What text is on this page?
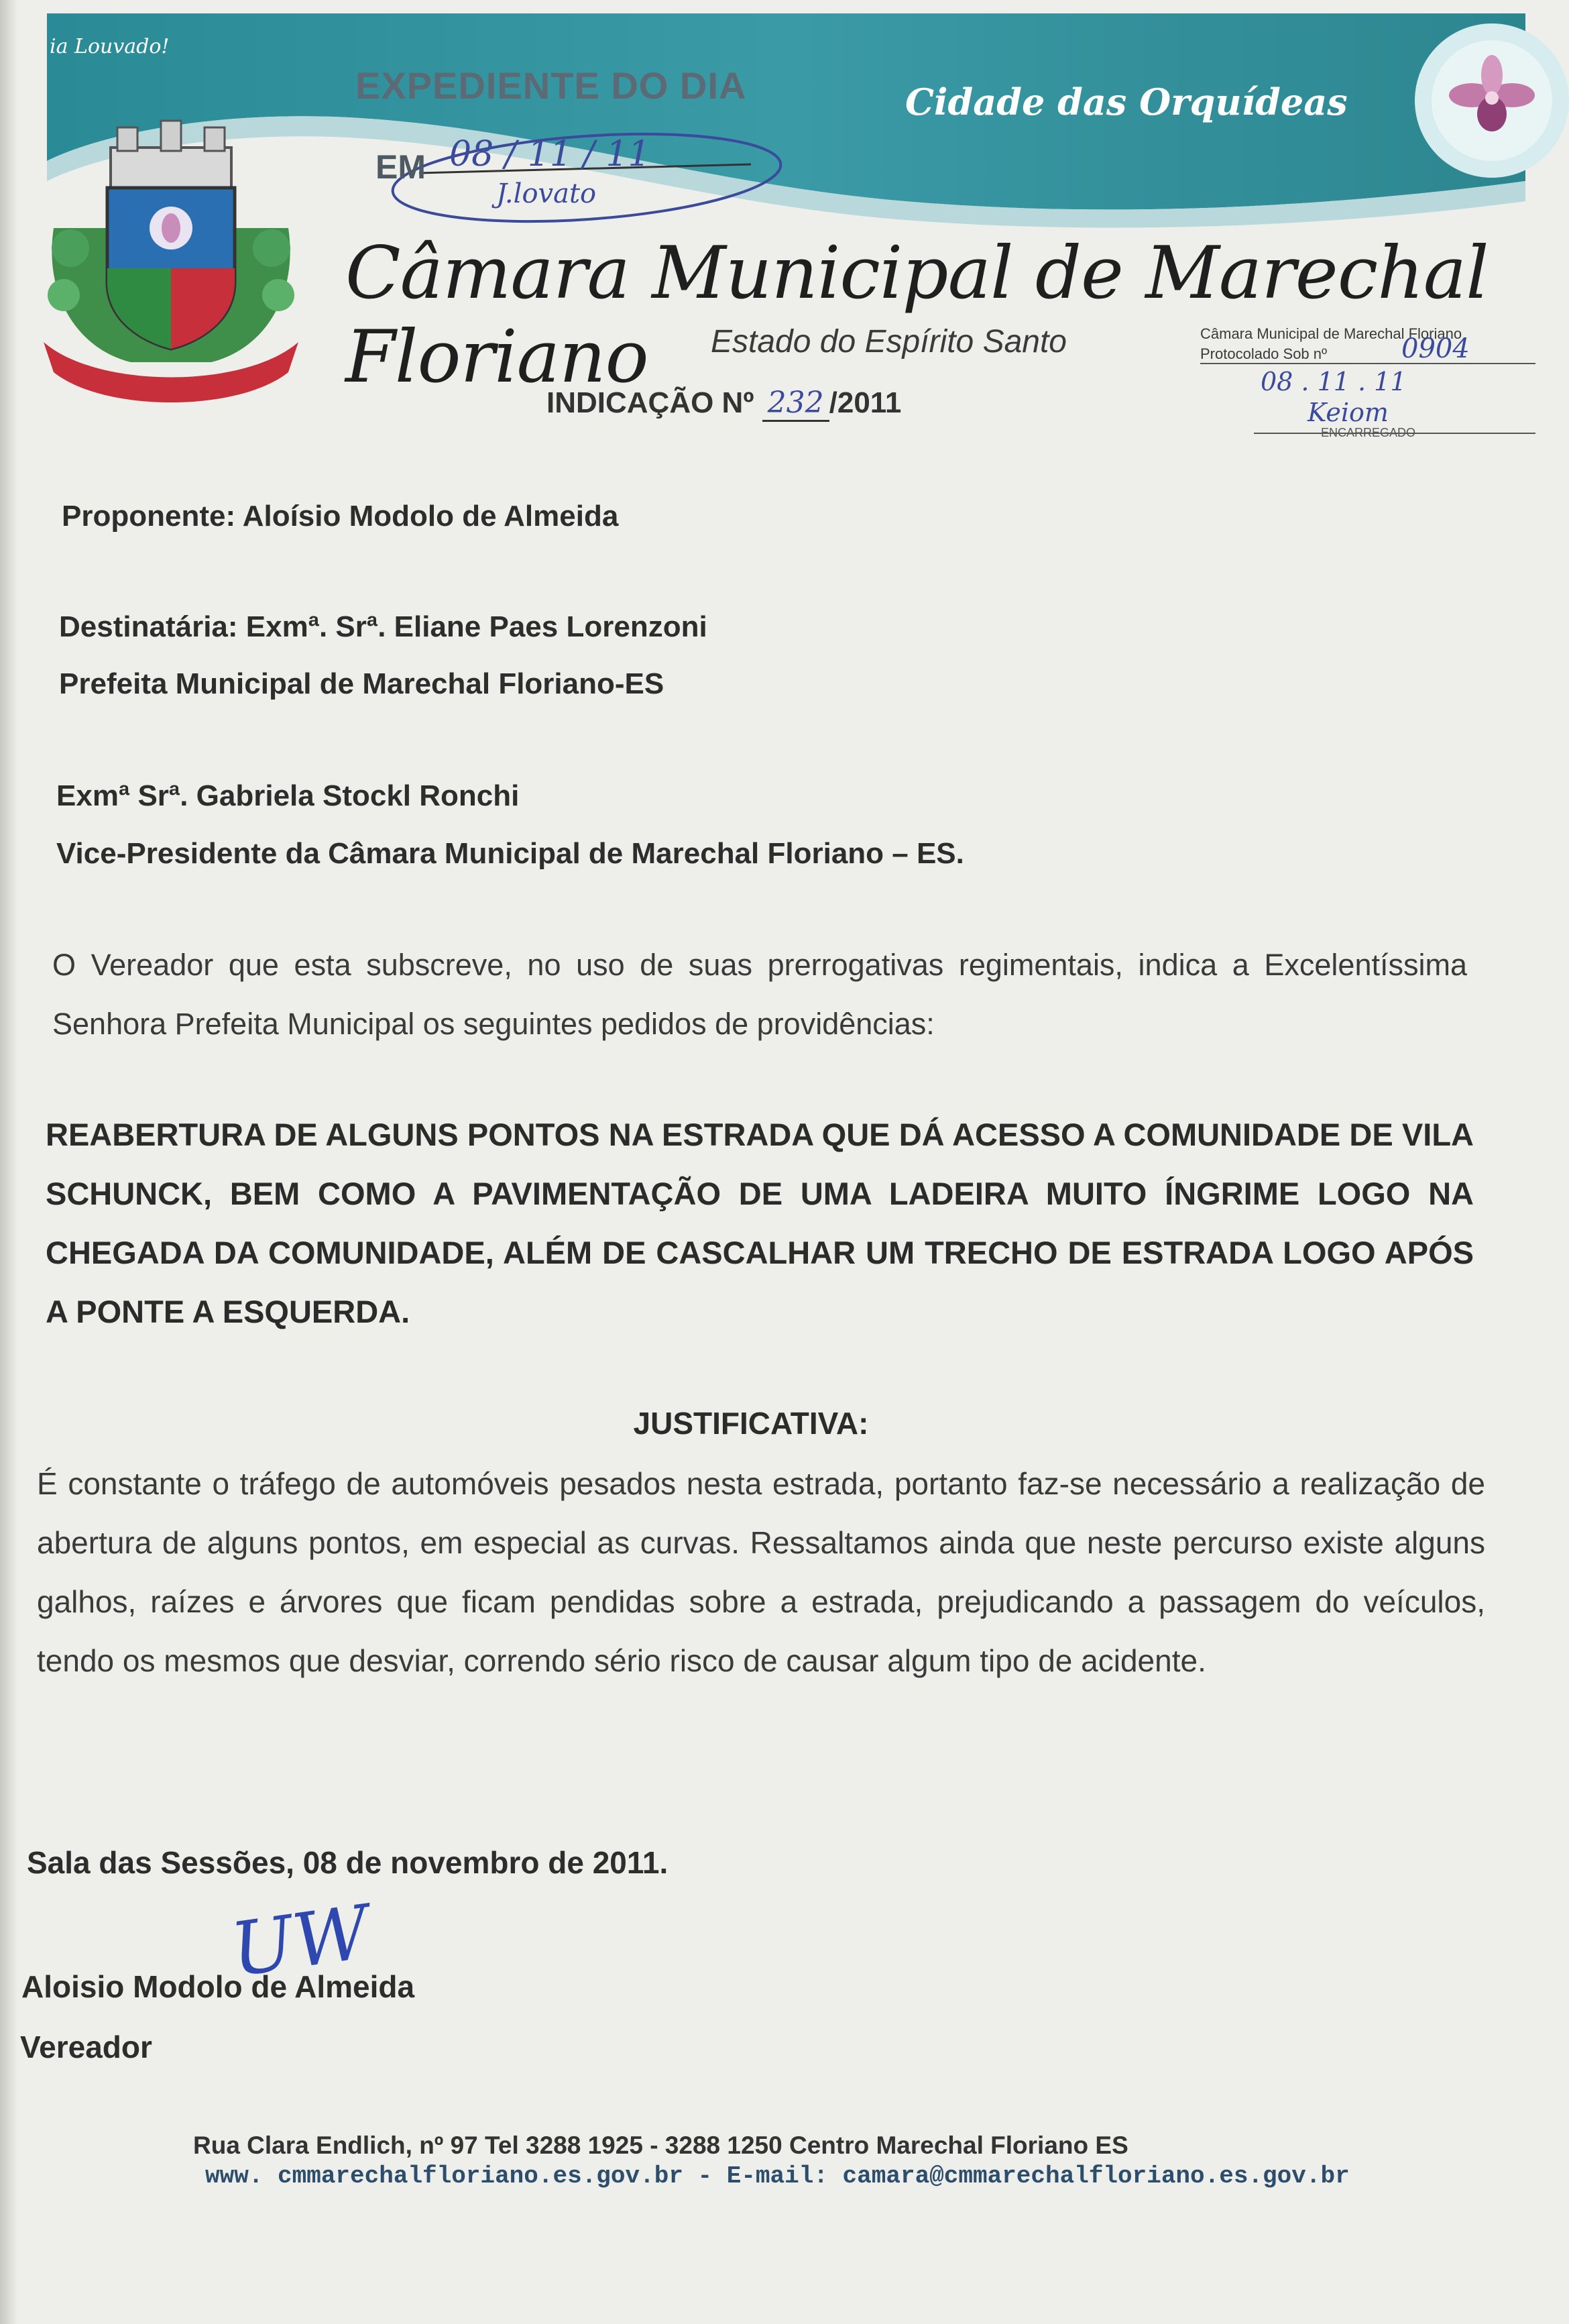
ia Louvado!
EXPEDIENTE DO DIA
EM 08 / 11 / 11
J.lovato
Cidade das Orquídeas
Câmara Municipal de Marechal Floriano	Estado do Espírito Santo
INDICAÇÃO Nº 232 /2011
Câmara Municipal de Marechal Floriano
Protocolado Sob nº	0904
08 . 11 . 11
Keiom
ENCARREGADO
Proponente: Aloísio Modolo de Almeida
Destinatária: Exmª. Srª. Eliane Paes Lorenzoni
Prefeita Municipal de Marechal Floriano-ES
Exmª Srª. Gabriela Stockl Ronchi
Vice-Presidente da Câmara Municipal de Marechal Floriano – ES.
O Vereador que esta subscreve, no uso de suas prerrogativas regimentais, indica a Excelentíssima Senhora Prefeita Municipal os seguintes pedidos de providências:
REABERTURA DE ALGUNS PONTOS NA ESTRADA QUE DÁ ACESSO A COMUNIDADE DE VILA SCHUNCK, BEM COMO A PAVIMENTAÇÃO DE UMA LADEIRA MUITO ÍNGRIME LOGO NA CHEGADA DA COMUNIDADE, ALÉM DE CASCALHAR UM TRECHO DE ESTRADA LOGO APÓS A PONTE A ESQUERDA.
JUSTIFICATIVA:
É constante o tráfego de automóveis pesados nesta estrada, portanto faz-se necessário a realização de abertura de alguns pontos, em especial as curvas. Ressaltamos ainda que neste percurso existe alguns galhos, raízes e árvores que ficam pendidas sobre a estrada, prejudicando a passagem do veículos, tendo os mesmos que desviar, correndo sério risco de causar algum tipo de acidente.
Sala das Sessões, 08 de novembro de 2011.
UW
Aloisio Modolo de Almeida
Vereador
Rua Clara Endlich, nº 97 Tel 3288 1925 - 3288 1250 Centro Marechal Floriano ES
www. cmmarechalfloriano.es.gov.br - E-mail: camara@cmmarechalfloriano.es.gov.br
